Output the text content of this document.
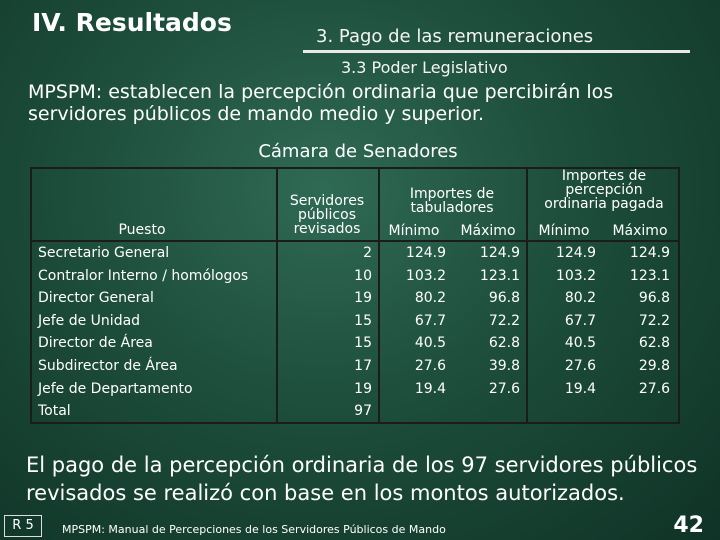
IV. Resultados	3. Pago de las remuneraciones
3.3 Poder Legislativo
MPSPM: establecen la percepción ordinaria que percibirán los servidores públicos de mando medio y superior.
Cámara de Senadores
Puesto
Servidores públicos revisados
Importes de tabuladores
Importes de percepción ordinaria pagada
Mínimo	Máximo	Mínimo	Máximo
Secretario General	2	124.9	124.9	124.9	124.9
Contralor Interno / homólogos	10	103.2	123.1	103.2	123.1
Director General	19	80.2	96.8	80.2	96.8
Jefe de Unidad	15	67.7	72.2	67.7	72.2
Director de Área	15	40.5	62.8	40.5	62.8
Subdirector de Área	17	27.6	39.8	27.6	29.8
Jefe de Departamento	19	19.4	27.6	19.4	27.6
Total	97
El pago de la percepción ordinaria de los 97 servidores públicos revisados se realizó con base en los montos autorizados.
R 5	MPSPM: Manual de Percepciones de los Servidores Públicos de Mando	42
